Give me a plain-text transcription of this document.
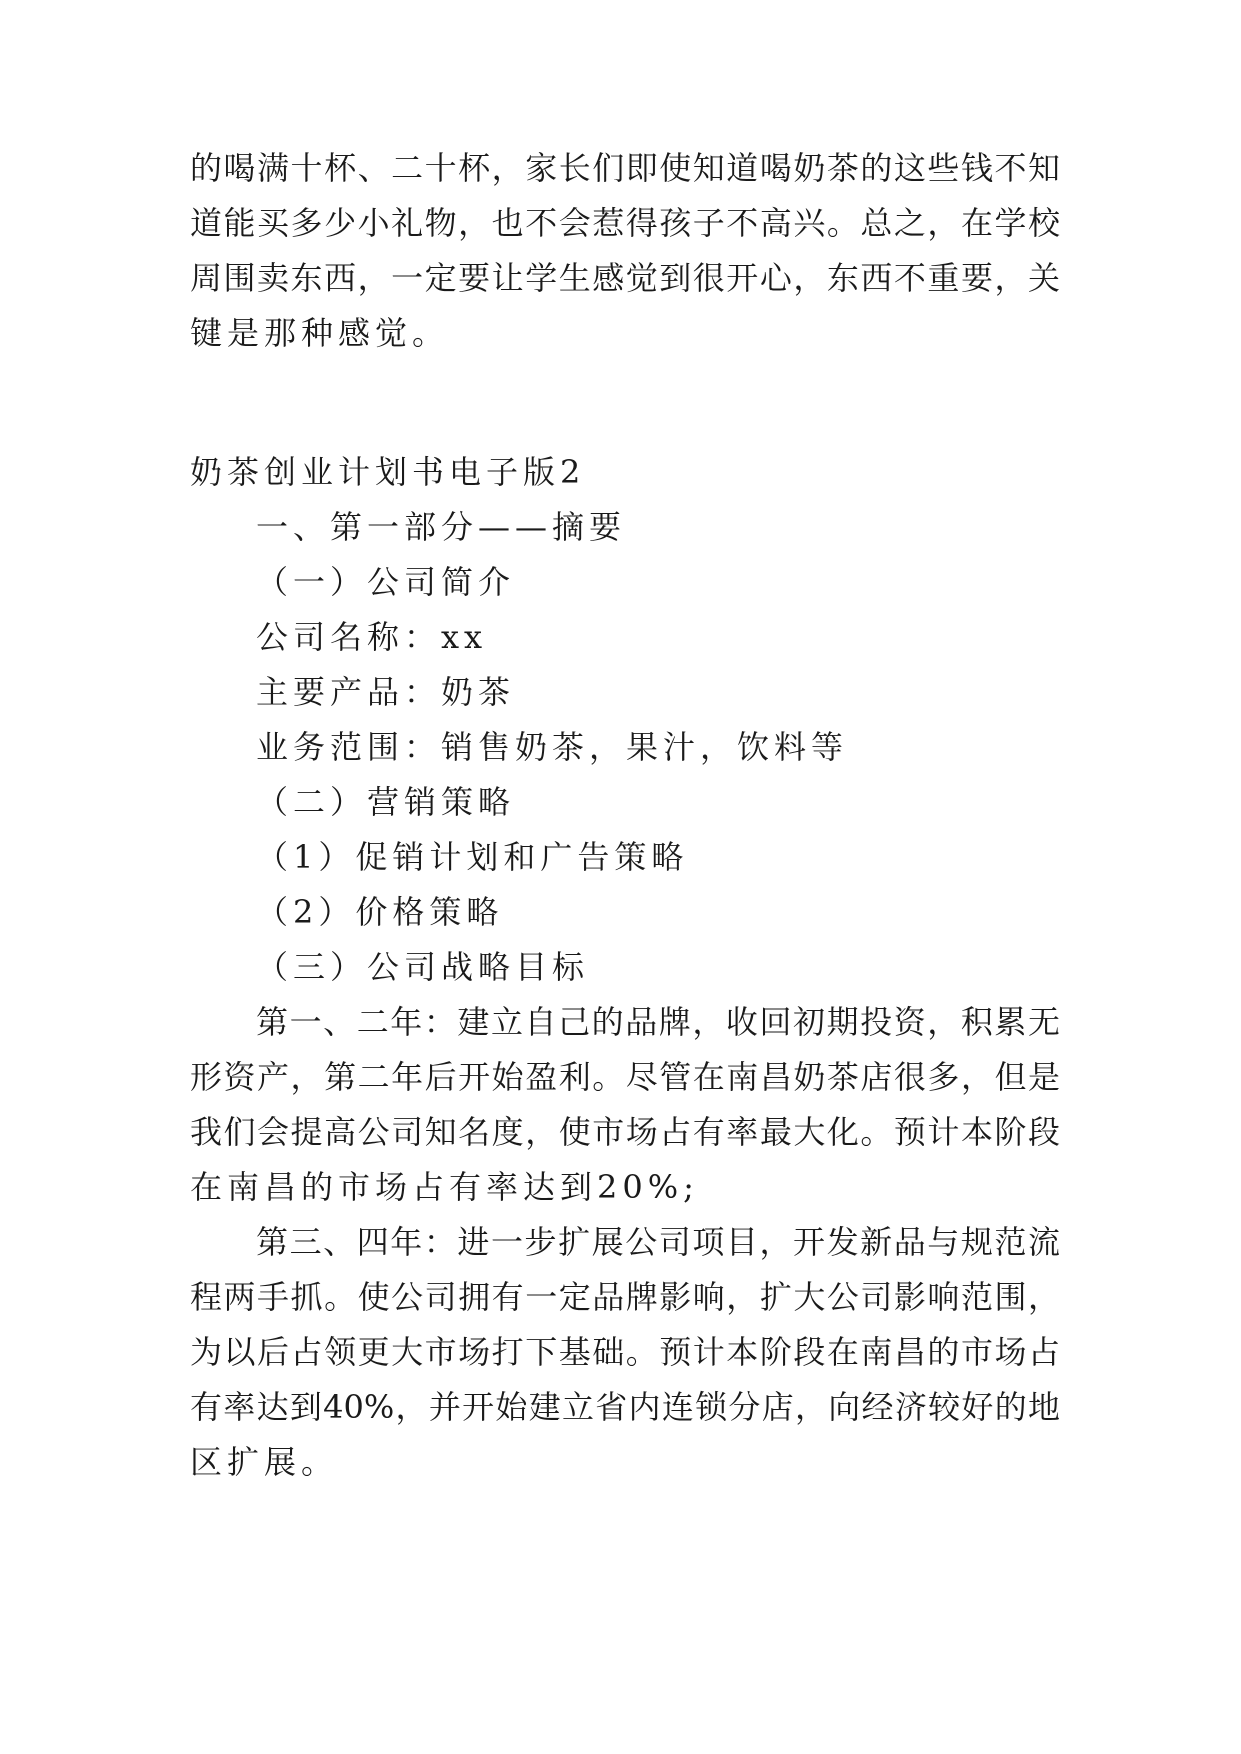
的喝满十杯、二十杯，家长们即使知道喝奶茶的这些钱不知
道能买多少小礼物，也不会惹得孩子不高兴。总之，在学校
周围卖东西，一定要让学生感觉到很开心，东西不重要，关
键是那种感觉。
奶茶创业计划书电子版2
一、第一部分——摘要
（一）公司简介
公司名称：xx
主要产品：奶茶
业务范围：销售奶茶，果汁，饮料等
（二）营销策略
（1）促销计划和广告策略
（2）价格策略
（三）公司战略目标
第一、二年：建立自己的品牌，收回初期投资，积累无
形资产，第二年后开始盈利。尽管在南昌奶茶店很多，但是
我们会提高公司知名度，使市场占有率最大化。预计本阶段
在南昌的市场占有率达到20%;
第三、四年：进一步扩展公司项目，开发新品与规范流
程两手抓。使公司拥有一定品牌影响，扩大公司影响范围，
为以后占领更大市场打下基础。预计本阶段在南昌的市场占
有率达到40%，并开始建立省内连锁分店，向经济较好的地
区扩展。
